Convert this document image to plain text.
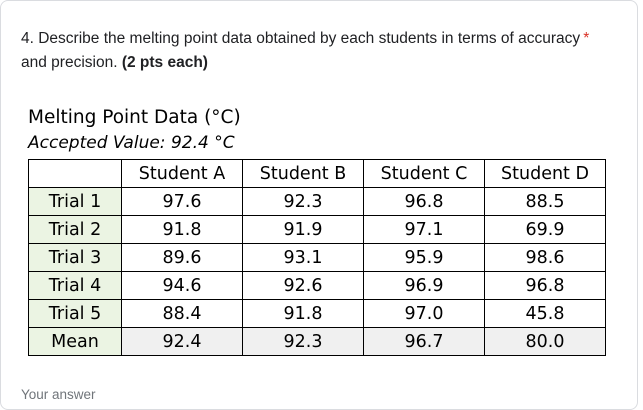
4. Describe the melting point data obtained by each students in terms of accuracy *
and precision. (2 pts each)
Melting Point Data (°C)
Accepted Value: 92.4 °C
	Student A	Student B	Student C	Student D
Trial 1	97.6	92.3	96.8	88.5
Trial 2	91.8	91.9	97.1	69.9
Trial 3	89.6	93.1	95.9	98.6
Trial 4	94.6	92.6	96.9	96.8
Trial 5	88.4	91.8	97.0	45.8
Mean	92.4	92.3	96.7	80.0
Your answer
